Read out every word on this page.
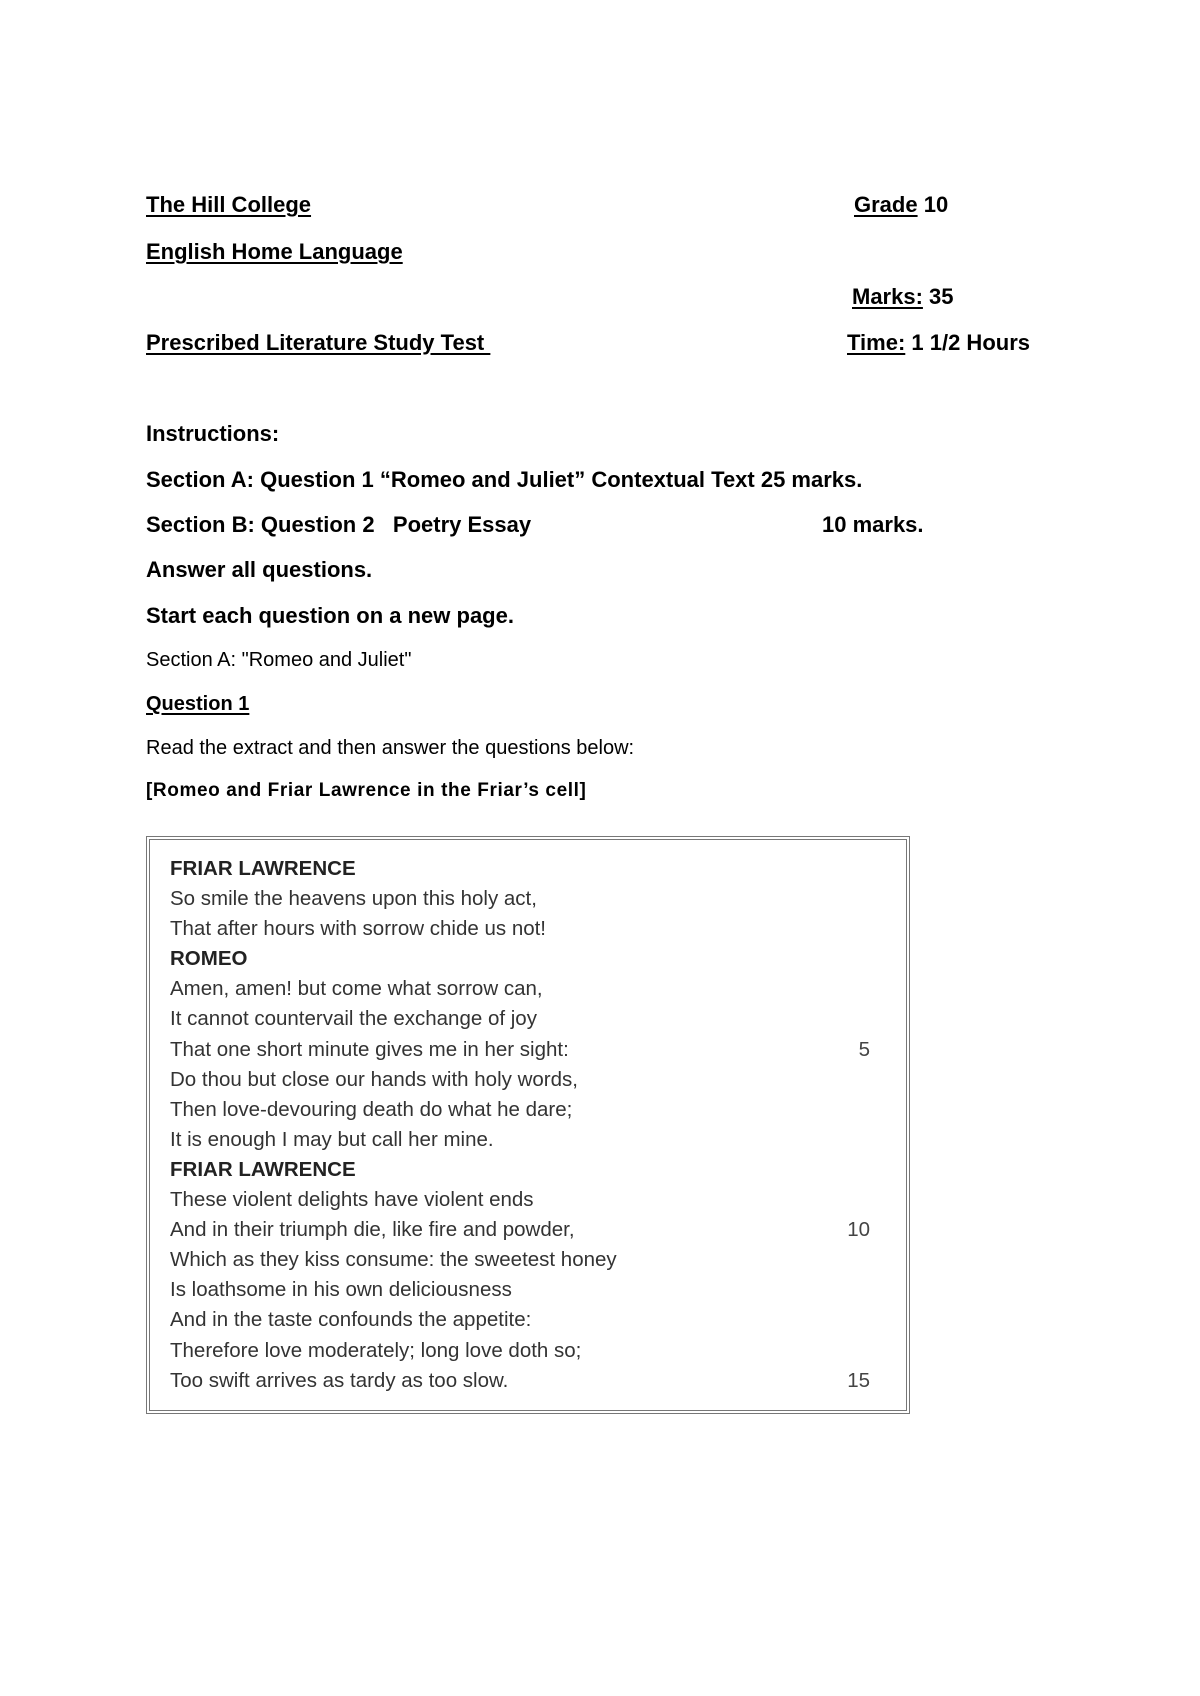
The Hill College	Grade 10
English Home Language
Marks: 35
Prescribed Literature Study Test	Time: 1 1/2 Hours
Instructions:
Section A: Question 1 “Romeo and Juliet” Contextual Text 25 marks.
Section B: Question 2   Poetry Essay	10 marks.
Answer all questions.
Start each question on a new page.
Section A: "Romeo and Juliet"
Question 1
Read the extract and then answer the questions below:
[Romeo and Friar Lawrence in the Friar’s cell]
FRIAR LAWRENCE
So smile the heavens upon this holy act,
That after hours with sorrow chide us not!
ROMEO
Amen, amen! but come what sorrow can,
It cannot countervail the exchange of joy
That one short minute gives me in her sight:	5
Do thou but close our hands with holy words,
Then love-devouring death do what he dare;
It is enough I may but call her mine.
FRIAR LAWRENCE
These violent delights have violent ends
And in their triumph die, like fire and powder,	10
Which as they kiss consume: the sweetest honey
Is loathsome in his own deliciousness
And in the taste confounds the appetite:
Therefore love moderately; long love doth so;
Too swift arrives as tardy as too slow.	15
